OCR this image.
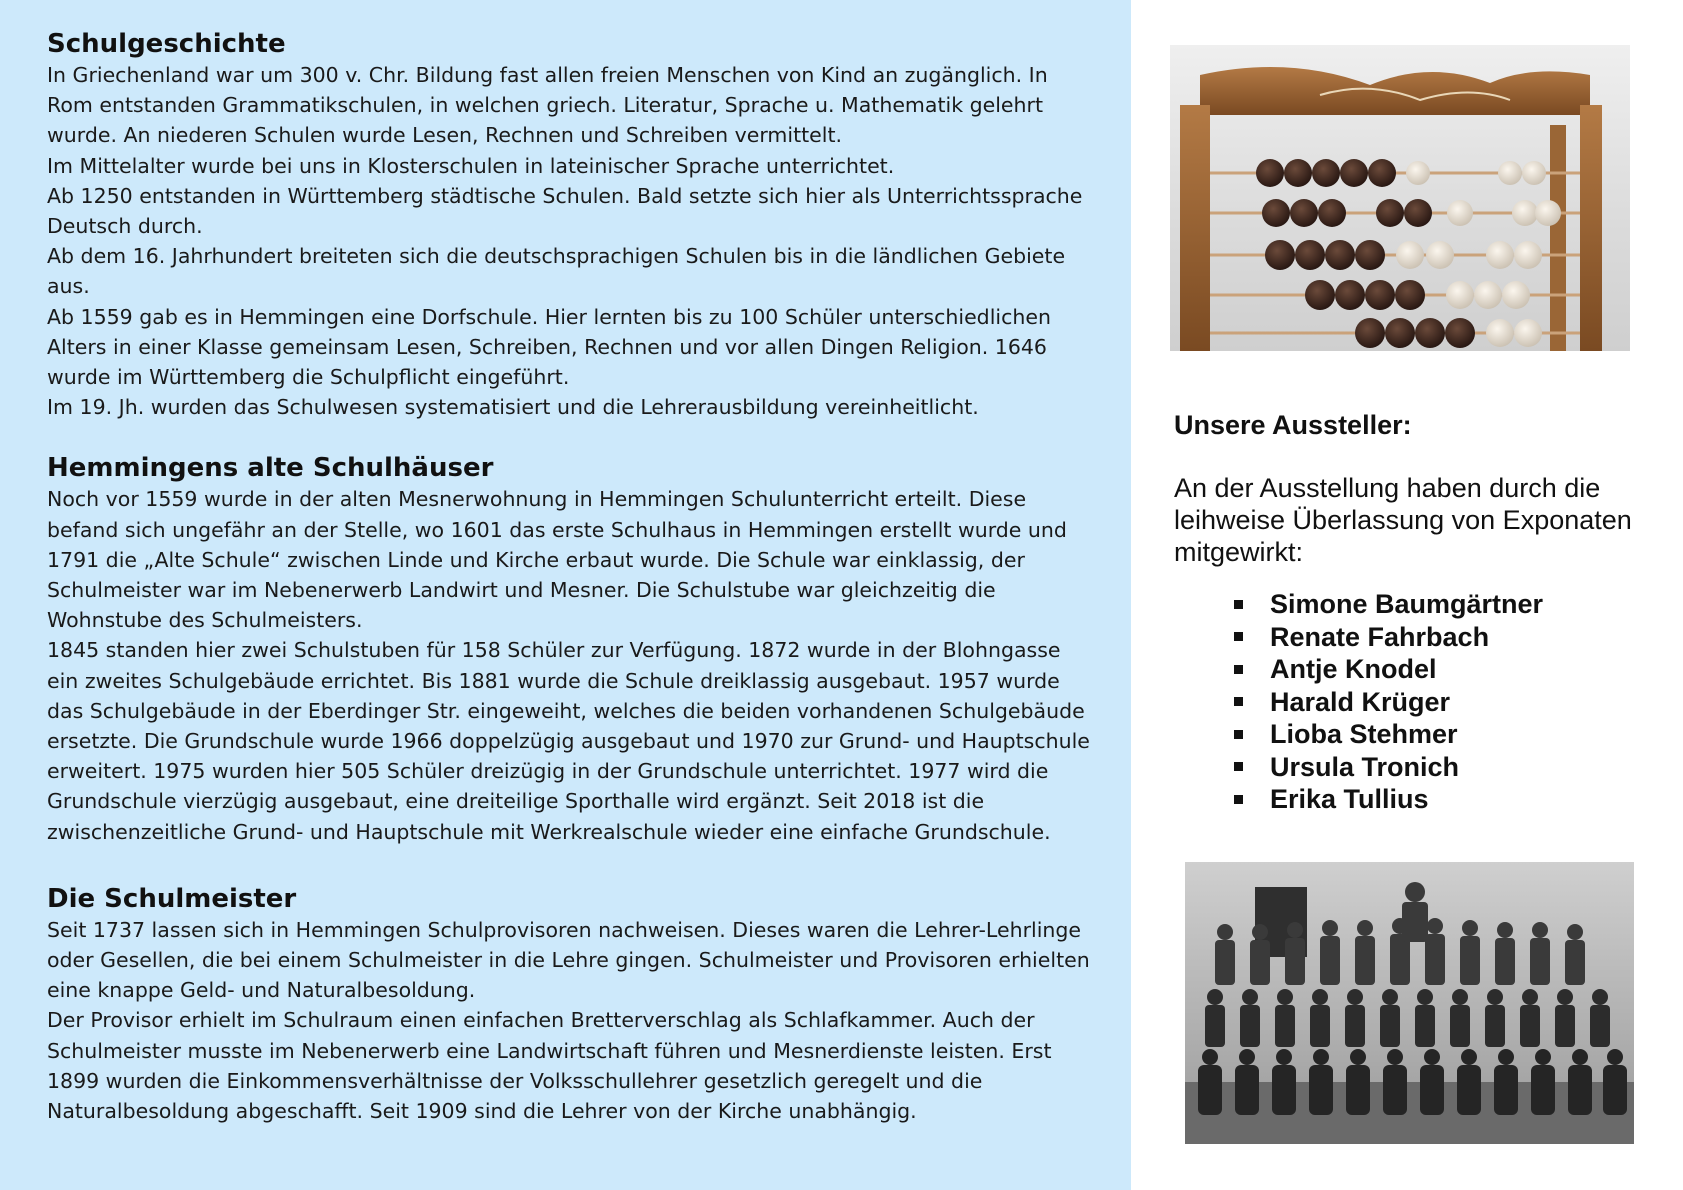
Schulgeschichte

In Griechenland war um 300 v. Chr. Bildung fast allen freien Menschen von Kind an zugänglich. In Rom entstanden Grammatikschulen, in welchen griech. Literatur, Sprache u. Mathematik gelehrt wurde. An niederen Schulen wurde Lesen, Rechnen und Schreiben vermittelt.

Im Mittelalter wurde bei uns in Klosterschulen in lateinischer Sprache unterrichtet.

Ab 1250 entstanden in Württemberg städtische Schulen. Bald setzte sich hier als Unterrichtssprache Deutsch durch.

Ab dem 16. Jahrhundert breiteten sich die deutschsprachigen Schulen bis in die ländlichen Gebiete aus.

Ab 1559 gab es in Hemmingen eine Dorfschule. Hier lernten bis zu 100 Schüler unterschiedlichen Alters in einer Klasse gemeinsam Lesen, Schreiben, Rechnen und vor allen Dingen Religion. 1646 wurde im Württemberg die Schulpflicht eingeführt.

Im 19. Jh. wurden das Schulwesen systematisiert und die Lehrerausbildung vereinheitlicht.

Hemmingens alte Schulhäuser

Noch vor 1559 wurde in der alten Mesnerwohnung in Hemmingen Schulunterricht erteilt. Diese befand sich ungefähr an der Stelle, wo 1601 das erste Schulhaus in Hemmingen erstellt wurde und 1791 die „Alte Schule“ zwischen Linde und Kirche erbaut wurde. Die Schule war einklassig, der Schulmeister war im Nebenerwerb Landwirt und Mesner. Die Schulstube war gleichzeitig die Wohnstube des Schulmeisters.

1845 standen hier zwei Schulstuben für 158 Schüler zur Verfügung. 1872 wurde in der Blohngasse ein zweites Schulgebäude errichtet. Bis 1881 wurde die Schule dreiklassig ausgebaut. 1957 wurde das Schulgebäude in der Eberdinger Str. eingeweiht, welches die beiden vorhandenen Schulgebäude ersetzte. Die Grundschule wurde 1966 doppelzügig ausgebaut und 1970 zur Grund- und Hauptschule erweitert. 1975 wurden hier 505 Schüler dreizügig in der Grundschule unterrichtet. 1977 wird die Grundschule vierzügig ausgebaut, eine dreiteilige Sporthalle wird ergänzt. Seit 2018 ist die zwischenzeitliche Grund- und Hauptschule mit Werkrealschule wieder eine einfache Grundschule.

Die Schulmeister

Seit 1737 lassen sich in Hemmingen Schulprovisoren nachweisen. Dieses waren die Lehrer-Lehrlinge oder Gesellen, die bei einem Schulmeister in die Lehre gingen. Schulmeister und Provisoren erhielten eine knappe Geld- und Naturalbesoldung.

Der Provisor erhielt im Schulraum einen einfachen Bretterverschlag als Schlafkammer. Auch der Schulmeister musste im Nebenerwerb eine Landwirtschaft führen und Mesnerdienste leisten. Erst 1899 wurden die Einkommensverhältnisse der Volksschullehrer gesetzlich geregelt und die Naturalbesoldung abgeschafft. Seit 1909 sind die Lehrer von der Kirche unabhängig.

Unsere Aussteller:

An der Ausstellung haben durch die leihweise Überlassung von Exponaten mitgewirkt:

Simone Baumgärtner
Renate Fahrbach
Antje Knodel
Harald Krüger
Lioba Stehmer
Ursula Tronich
Erika Tullius
